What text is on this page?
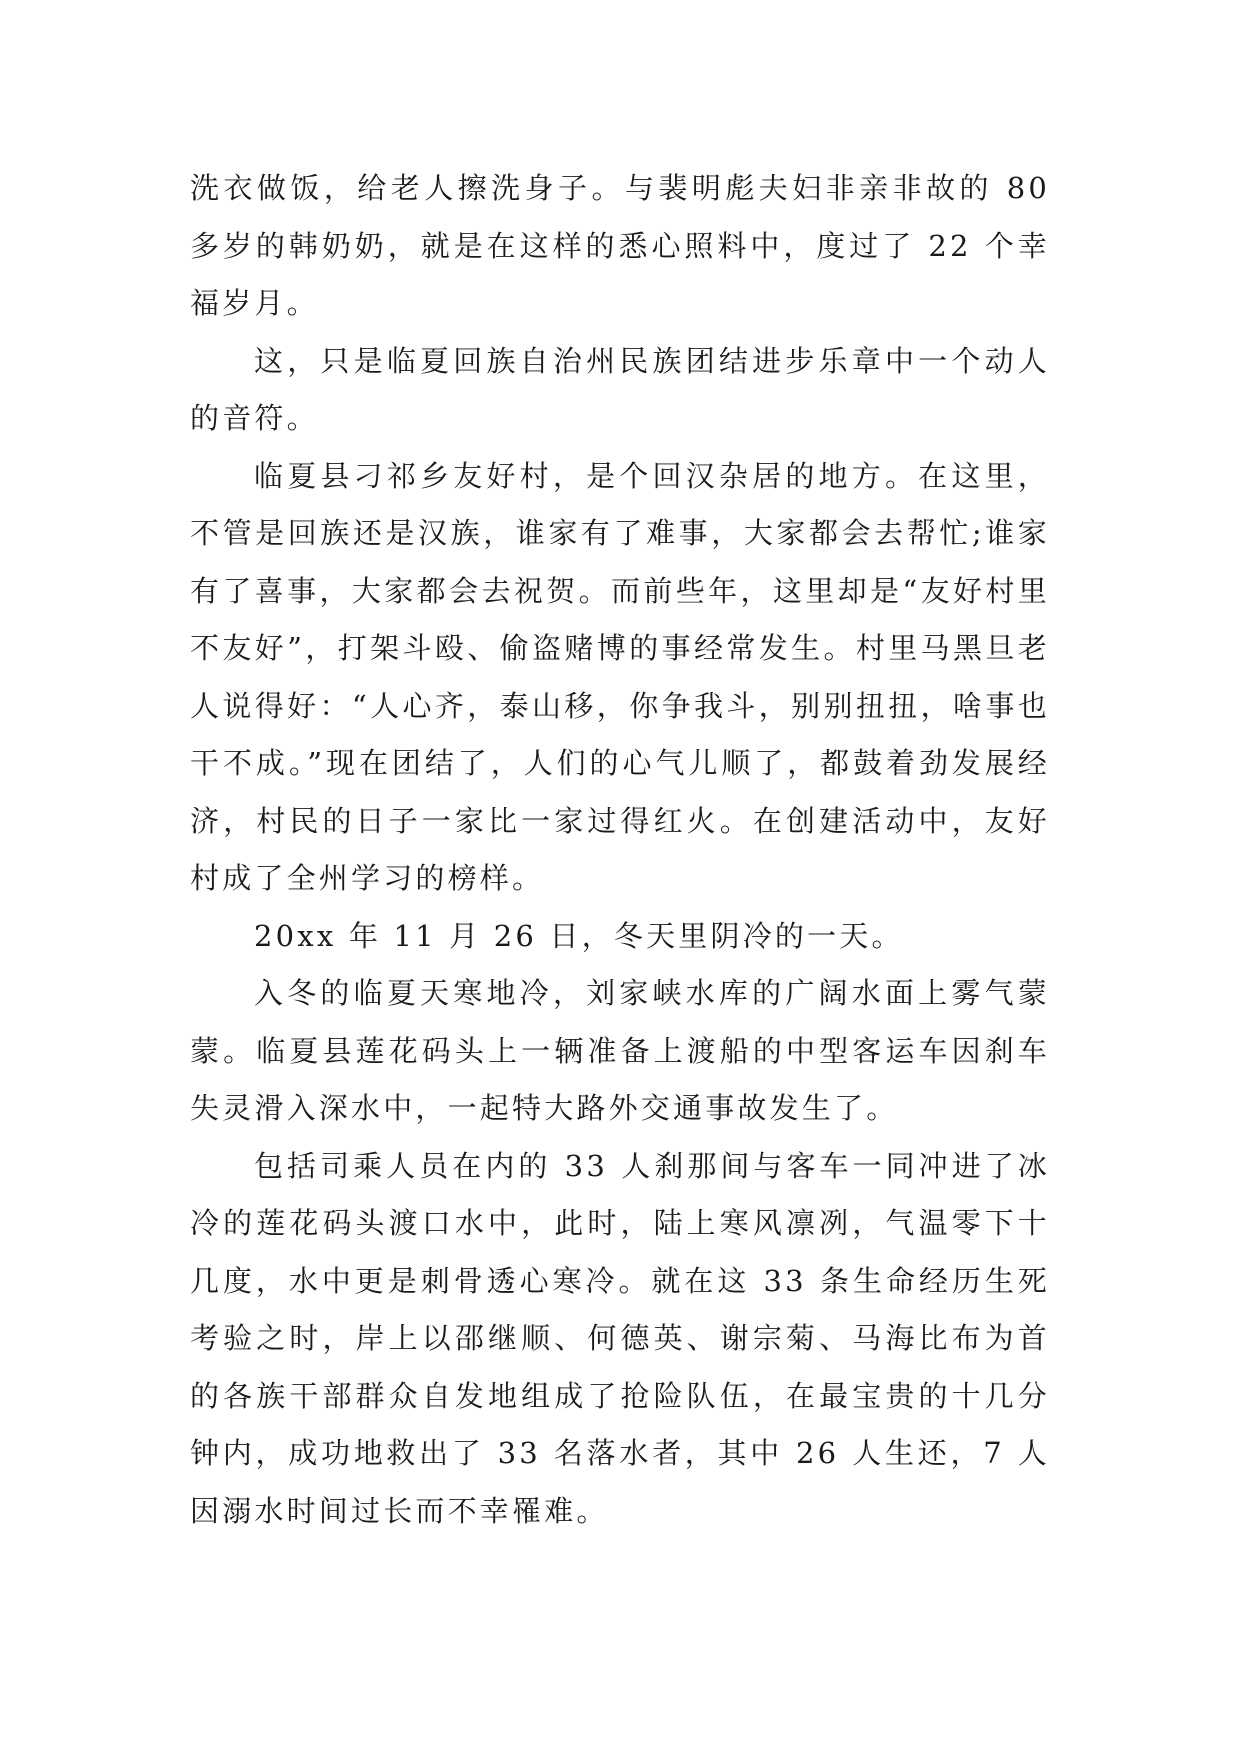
洗衣做饭，给老人擦洗身子。与裴明彪夫妇非亲非故的 80 多岁的韩奶奶，就是在这样的悉心照料中，度过了 22 个幸福岁月。

这，只是临夏回族自治州民族团结进步乐章中一个动人的音符。

临夏县刁祁乡友好村，是个回汉杂居的地方。在这里，不管是回族还是汉族，谁家有了难事，大家都会去帮忙;谁家有了喜事，大家都会去祝贺。而前些年，这里却是“友好村里不友好”，打架斗殴、偷盗赌博的事经常发生。村里马黑旦老人说得好：“人心齐，泰山移，你争我斗，别别扭扭，啥事也干不成。”现在团结了，人们的心气儿顺了，都鼓着劲发展经济，村民的日子一家比一家过得红火。在创建活动中，友好村成了全州学习的榜样。

20xx 年 11 月 26 日，冬天里阴冷的一天。

入冬的临夏天寒地冷，刘家峡水库的广阔水面上雾气蒙蒙。临夏县莲花码头上一辆准备上渡船的中型客运车因刹车失灵滑入深水中，一起特大路外交通事故发生了。

包括司乘人员在内的 33 人刹那间与客车一同冲进了冰冷的莲花码头渡口水中，此时，陆上寒风凛冽，气温零下十几度，水中更是刺骨透心寒冷。就在这 33 条生命经历生死考验之时，岸上以邵继顺、何德英、谢宗菊、马海比布为首的各族干部群众自发地组成了抢险队伍，在最宝贵的十几分钟内，成功地救出了 33 名落水者，其中 26 人生还，7 人因溺水时间过长而不幸罹难。
